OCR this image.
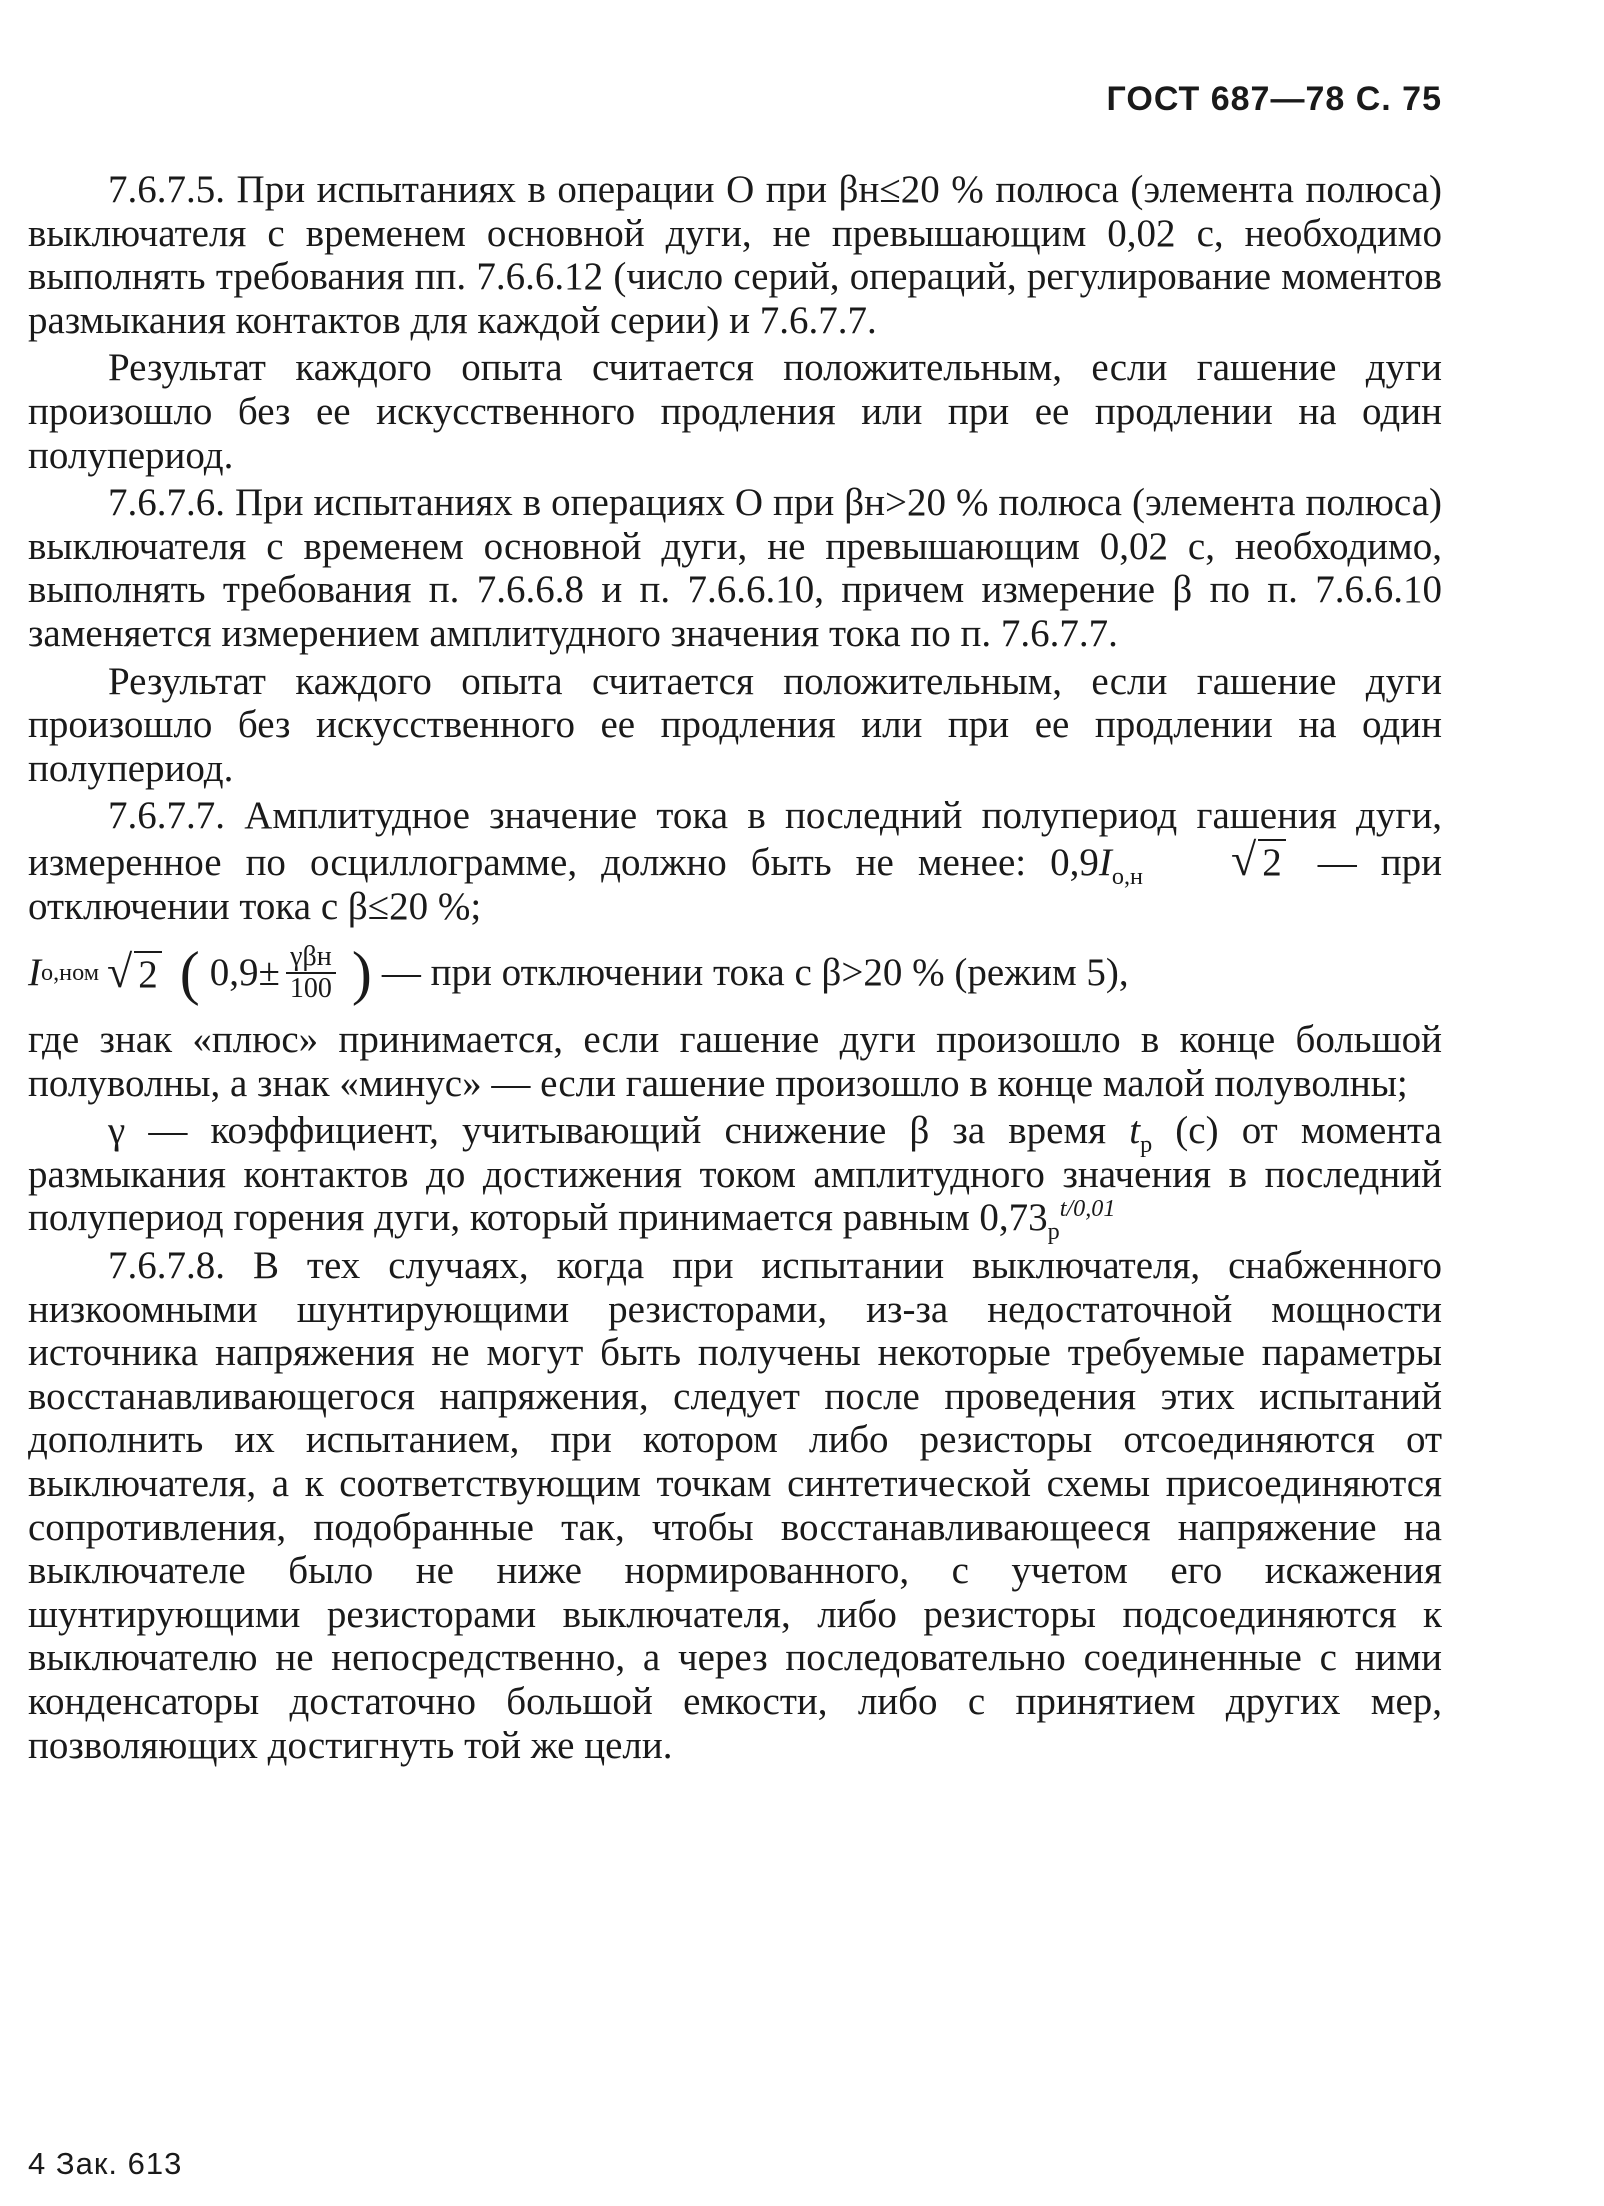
ГОСТ 687—78 С. 75

7.6.7.5. При испытаниях в операции О при βн≤20 % полюса (элемента полюса) выключателя с временем основной дуги, не превышающим 0,02 с, необходимо выполнять требования пп. 7.6.6.12 (число серий, операций, регулирование моментов размыкания контактов для каждой серии) и 7.6.7.7.

Результат каждого опыта считается положительным, если гашение дуги произошло без ее искусственного продления или при ее продлении на один полупериод.

7.6.7.6. При испытаниях в операциях О при βн>20 % полюса (элемента полюса) выключателя с временем основной дуги, не превышающим 0,02 с, необходимо, выполнять требования п. 7.6.6.8 и п. 7.6.6.10, причем измерение β по п. 7.6.6.10 заменяется измерением амплитудного значения тока по п. 7.6.7.7.

Результат каждого опыта считается положительным, если гашение дуги произошло без искусственного ее продления или при ее продлении на один полупериод.

7.6.7.7. Амплитудное значение тока в последний полупериод гашения дуги, измеренное по осциллограмме, должно быть не менее: $0,9I_{о,н}$ √ 2 — при отключении тока с β≤20 %;

I о,ном √ 2 ( $0,9\pm \frac{\text{γβн}}{100}$ ) — при отключении тока с β>20 % (режим 5),

где знак «плюс» принимается, если гашение дуги произошло в конце большой полуволны, а знак «минус» — если гашение произошло в конце малой полуволны;

γ — коэффициент, учитывающий снижение β за время $t_р$ (с) от момента размыкания контактов до достижения током амплитудного значения в последний полупериод горения дуги, который принимается равным $0,73_р^{t/0,01}$

7.6.7.8. В тех случаях, когда при испытании выключателя, снабженного низкоомными шунтирующими резисторами, из-за недостаточной мощности источника напряжения не могут быть получены некоторые требуемые параметры восстанавливающегося напряжения, следует после проведения этих испытаний дополнить их испытанием, при котором либо резисторы отсоединяются от выключателя, а к соответствующим точкам синтетической схемы присоединяются сопротивления, подобранные так, чтобы восстанавливающееся напряжение на выключателе было не ниже нормированного, с учетом его искажения шунтирующими резисторами выключателя, либо резисторы подсоединяются к выключателю не непосредственно, а через последовательно соединенные с ними конденсаторы достаточно большой емкости, либо с принятием других мер, позволяющих достигнуть той же цели.

4 Зак. 613
